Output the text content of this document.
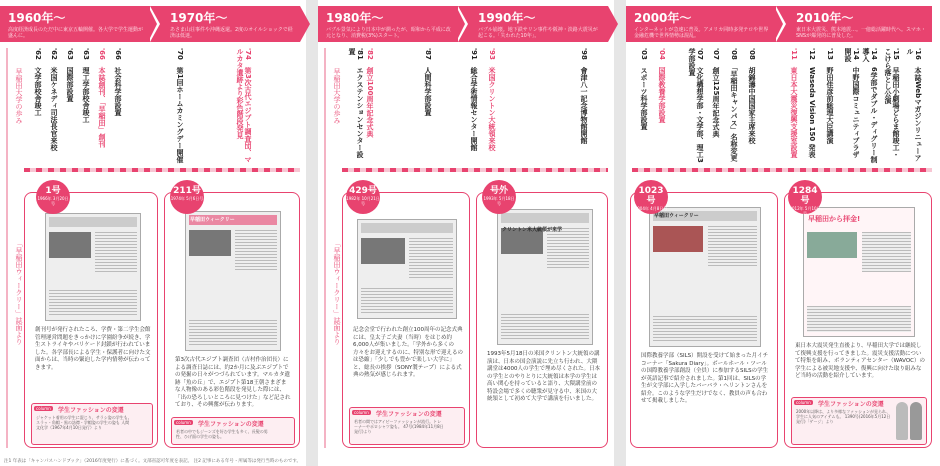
1960年〜
高度経済成長のただ中に東京五輪開催。各大学で学生運動が盛んに。
1970年〜
あさま山荘事件や沖縄返還。2度のオイルショックで経済は低迷。
早稲田大学の歩み
「早稲田ウィークリー」誌面より
'62　文学部校舎竣工
'62　米国ケネディ司法長官来校
'63　国際部設置
'63　理工学部校舎竣工
'66　本誌創刊、「早稲田」創刊
'66　社会科学部設置
'70　第1回ホームカミングデー開催
'74　第3次古代エジプト調査団、マルカタ遺跡より彩色階段発見
創刊号が発行されたころ、学費・第二学生会館管理運営問題をきっかけに学園紛争が続き、学生ストライキやバリケード封鎖が行われていました。各学部長による学生・保護者に向けた文面からは、当時の緊迫した学内情勢が伝わってきます。
column	学生ファッションの変遷
ジャケット着用の学生に混じり、サラシ姿の学生も。スラッ・角帽・黒の詰襟・学帽姿の学生の姿も 人間文化学（1967年4月10日発行）より
1号
1966年 3月20日号
早稲田ウィークリー
第3次古代エジプト調査団（吉村作治団長）による調査日誌には、約2か月に及ぶエジプトでの発掘の日々がつづられています。マルカタ遺跡「魚の丘」で、エジプト第18王朝さまざまな人物像のある彩色階段を発見した際には、「出の恐ろしいところに見つけた」など記されており、その興奮が伝わります。
column	学生ファッションの変遷
若者の中でもジーンズを好む学生も多く、長髪の男性、ひげ面の学生の姿も。
211号
1974年 5月6日号
1980年〜
バブル景気により日本中が潤ったが、昭和から平成に改元となり、消費税(3%)スタート。
1990年〜
バブル崩壊。地下鉄サリン事件や阪神・淡路大震災が起こる。「失われた10年」。
早稲田大学の歩み
「早稲田ウィークリー」誌面より
'81　エクステンションセンター設置	'82　創立100周年記念式典
'87　人間科学部設置
'91　総合学術情報センター開館
'93　米国クリントン大統領来校
'98　會津八一記念博物館開館
記念会堂で行われた創立100周年の記念式典には、皇太子ご夫妻（当時）をはじめ約6,000人が集いました。「学外から多くの方々をお迎えするのに、特別な形で迎えるのは恐縮」「少しでも豊かで楽しい大学に」と、総長の挨拶（SONY製テープ）による式典の熱気が感じられます。
column	学生ファッションの変遷
若者の間ではアイビーファッションが流行。トレーナーやポロシャツ姿も。 47号(1984年11月8日発行)より
429号
1982年 10月21日号
クリントン米大統領が来学
1993年5月18日の米国クリントン大統領の講演は、日本の国会演説に先立ち行われ、大隈講堂は4000人の学生で埋め尽くされた。日本の学生とのやりとりに大統領は本学の学生は高い関心を持っていると語り、大隈講堂前の特設会場で多くの聴衆が見守る中、米国の大統領として初めて大学で講演を行いました。
号外
1993年 5月18日号
2000年〜
インターネットが急速に普及。アメリカ同時多発テロや世界金融危機で世界情勢は混乱。
2010年〜
東日本大震災、熊本地震…。一億総活躍時代へ。スマホ・SNSが爆発的に普及した。
'03　スポーツ科学部設置
'04　国際教養学部設置
'07　文化構想学部・文学部、理工3学部設置	'07　創立125周年記念式典
'08　「早稲田キャンパス」名称変更
'08　胡錦濤中国国家主席来校
'11　東日本大震災復興支援室設置
'12　Waseda Vision 150 発表
'13　野田佳彦前総理大臣講演
'14　中野国際コミュニティプラザ開設	'14　6学部でダブル・ディグリー制導入	'15　早稲田小劇場どらま館竣工・こけら落とし公演	'16　本誌Webマガジンリニューアル
早稲田ウィークリー
国際教養学部（SILS）開設を受けて始まった月イチコーナー「Sakura Diary」。ボールホール・ツールの国際教養学部創設（全員）に参加するSILSの学生が英語記事で紹介されました。第1回は、SILSの学生が文学部に入学したバーバラ・ヘリントンさんを紹介。このような学生だけでなく、教員の声も合わせて掲載しました。
1023号
2004年 4月8日号
早稲田から拝金!
東日本大震災発生直後より、早稲田大学では継続して復興支援を行ってきました。震災支援活動について特集を組み、ボランティアセンター（WAVOC）の学生による被災地支援や、復興に向けた取り組みなど当時の活動を紹介しています。
column	学生ファッションの変遷
2000年以降は、より多様なファッションが見られ、学生に人気のアイテムも。 1390号(2016年5月12日発行)「ゲージ」より
1284号
2012年 5月10日号
注1 年表は「キャンパスハンドブック」（2016年度発行）に基づく。文部省認可年度を表記。 注2 記事にある年号・所属等は発行当時のものです。
